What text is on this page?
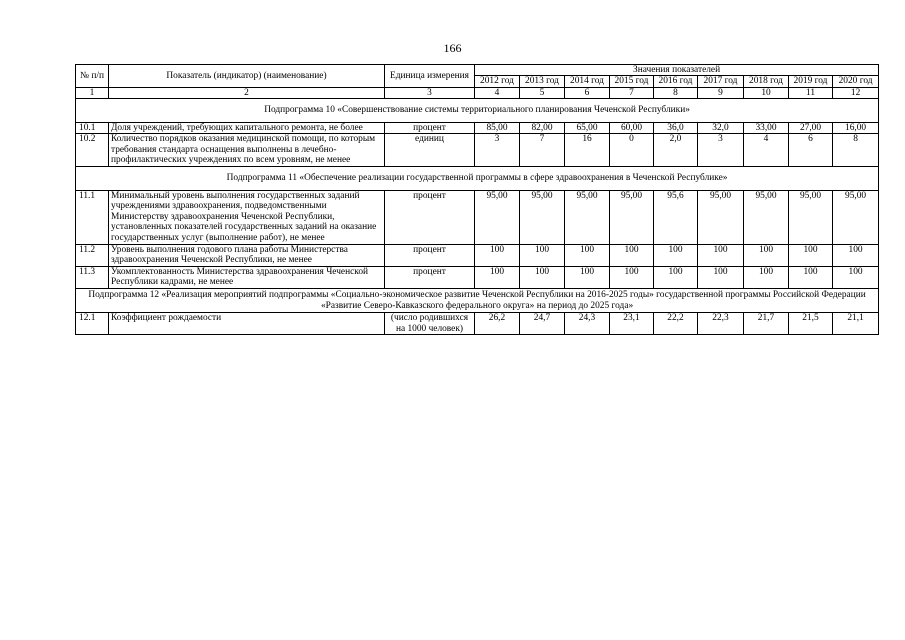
166
№ п/п	Показатель (индикатор) (наименование)	Единица измерения	Значения показателей								
			2012 год	2013 год	2014 год	2015 год	2016 год	2017 год	2018 год	2019 год	2020 год
1	2	3	4	5	6	7	8	9	10	11	12
Подпрограмма 10 «Совершенствование системы территориального планирования Чеченской Республики»											
10.1	Доля учреждений, требующих капитального ремонта, не более	процент	85,00	82,00	65,00	60,00	36,0	32,0	33,00	27,00	16,00
10.2	Количество порядков оказания медицинской помощи, по которым требования стандарта оснащения выполнены в лечебно-профилактических учреждениях по всем уровням, не менее	единиц	3	7	16	0	2,0	3	4	6	8
Подпрограмма 11 «Обеспечение реализации государственной программы в сфере здравоохранения в Чеченской Республике»											
11.1	Минимальный уровень выполнения государственных заданий учреждениями здравоохранения, подведомственными Министерству здравоохранения Чеченской Республики, установленных показателей государственных заданий на оказание государственных услуг (выполнение работ), не менее	процент	95,00	95,00	95,00	95,00	95,6	95,00	95,00	95,00	95,00
11.2	Уровень выполнения годового плана работы Министерства здравоохранения Чеченской Республики, не менее	процент	100	100	100	100	100	100	100	100	100
11.3	Укомплектованность Министерства здравоохранения Чеченской Республики кадрами, не менее	процент	100	100	100	100	100	100	100	100	100
Подпрограмма 12 «Реализация мероприятий подпрограммы «Социально-экономическое развитие Чеченской Республики на 2016-2025 годы» государственной программы Российской Федерации «Развитие Северо-Кавказского федерального округа» на период до 2025 года»											
12.1	Коэффициент рождаемости	(число родившихся на 1000 человек)	26,2	24,7	24,3	23,1	22,2	22,3	21,7	21,5	21,1
